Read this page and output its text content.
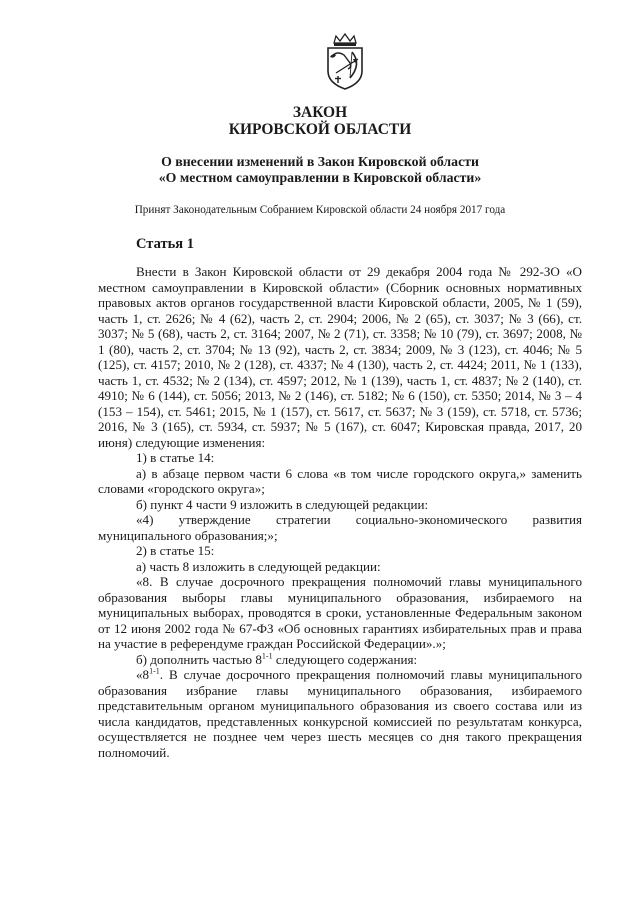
ЗАКОН
КИРОВСКОЙ ОБЛАСТИ
О внесении изменений в Закон Кировской области
«О местном самоуправлении в Кировской области»
Принят Законодательным Собранием Кировской области 24 ноября 2017 года
Статья 1

Внести в Закон Кировской области от 29 декабря 2004 года № 292-ЗО «О местном самоуправлении в Кировской области» (Сборник основных нормативных правовых актов органов государственной власти Кировской области, 2005, № 1 (59), часть 1, ст. 2626; № 4 (62), часть 2, ст. 2904; 2006, № 2 (65), ст. 3037; № 3 (66), ст. 3037; № 5 (68), часть 2, ст. 3164; 2007, № 2 (71), ст. 3358; № 10 (79), ст. 3697; 2008, № 1 (80), часть 2, ст. 3704; № 13 (92), часть 2, ст. 3834; 2009, № 3 (123), ст. 4046; № 5 (125), ст. 4157; 2010, № 2 (128), ст. 4337; № 4 (130), часть 2, ст. 4424; 2011, № 1 (133), часть 1, ст. 4532; № 2 (134), ст. 4597; 2012, № 1 (139), часть 1, ст. 4837; № 2 (140), ст. 4910; № 6 (144), ст. 5056; 2013, № 2 (146), ст. 5182; № 6 (150), ст. 5350; 2014, № 3 – 4 (153 – 154), ст. 5461; 2015, № 1 (157), ст. 5617, ст. 5637; № 3 (159), ст. 5718, ст. 5736; 2016, № 3 (165), ст. 5934, ст. 5937; № 5 (167), ст. 6047; Кировская правда, 2017, 20 июня) следующие изменения:

1) в статье 14:

а) в абзаце первом части 6 слова «в том числе городского округа,» заменить словами «городского округа»;

б) пункт 4 части 9 изложить в следующей редакции:

«4) утверждение стратегии социально-экономического развития муниципального образования;»;

2) в статье 15:

а) часть 8 изложить в следующей редакции:

«8. В случае досрочного прекращения полномочий главы муниципального образования выборы главы муниципального образования, избираемого на муниципальных выборах, проводятся в сроки, установленные Федеральным законом от 12 июня 2002 года № 67-ФЗ «Об основных гарантиях избирательных прав и права на участие в референдуме граждан Российской Федерации».»;

б) дополнить частью 8$^{1-1}$ следующего содержания:

«8$^{1-1}$. В случае досрочного прекращения полномочий главы муниципального образования избрание главы муниципального образования, избираемого представительным органом муниципального образования из своего состава или из числа кандидатов, представленных конкурсной комиссией по результатам конкурса, осуществляется не позднее чем через шесть месяцев со дня такого прекращения полномочий.
